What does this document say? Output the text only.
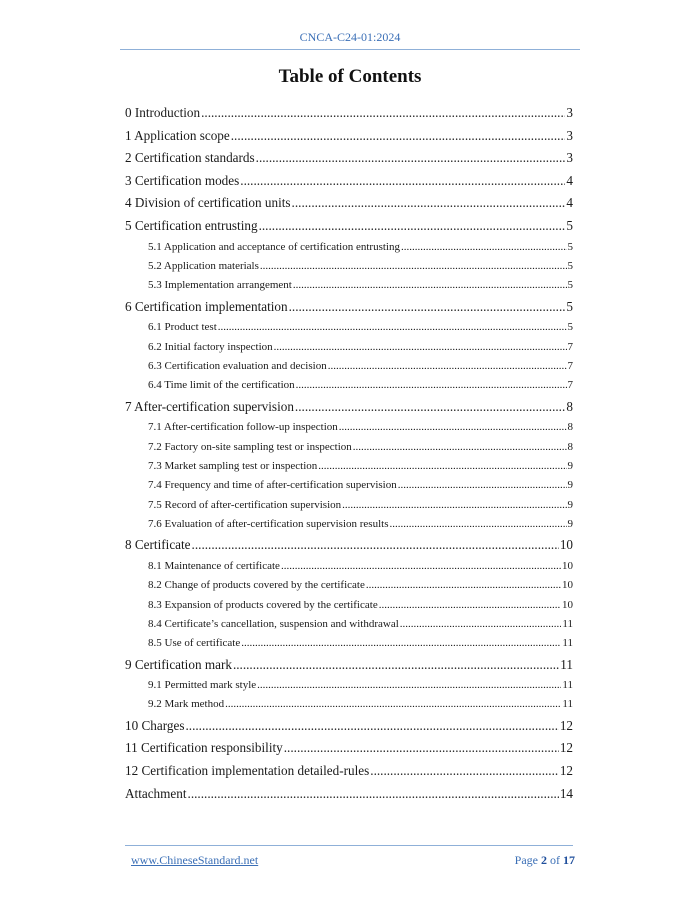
CNCA-C24-01:2024
Table of Contents
0 Introduction .....	3
1 Application scope .....	3
2 Certification standards .....	3
3 Certification modes .....	4
4 Division of certification units .....	4
5 Certification entrusting .....	5
5.1 Application and acceptance of certification entrusting .....	5
5.2 Application materials .....	5
5.3 Implementation arrangement .....	5
6 Certification implementation .....	5
6.1 Product test .....	5
6.2 Initial factory inspection .....	7
6.3 Certification evaluation and decision .....	7
6.4 Time limit of the certification .....	7
7 After-certification supervision .....	8
7.1 After-certification follow-up inspection .....	8
7.2 Factory on-site sampling test or inspection .....	8
7.3 Market sampling test or inspection .....	9
7.4 Frequency and time of after-certification supervision .....	9
7.5 Record of after-certification supervision .....	9
7.6 Evaluation of after-certification supervision results .....	9
8 Certificate .....	10
8.1 Maintenance of certificate .....	10
8.2 Change of products covered by the certificate .....	10
8.3 Expansion of products covered by the certificate .....	10
8.4 Certificate’s cancellation, suspension and withdrawal .....	11
8.5 Use of certificate .....	11
9 Certification mark .....	11
9.1 Permitted mark style .....	11
9.2 Mark method .....	11
10 Charges .....	12
11 Certification responsibility .....	12
12 Certification implementation detailed-rules .....	12
Attachment .....	14
www.ChineseStandard.net	Page 2 of 17
